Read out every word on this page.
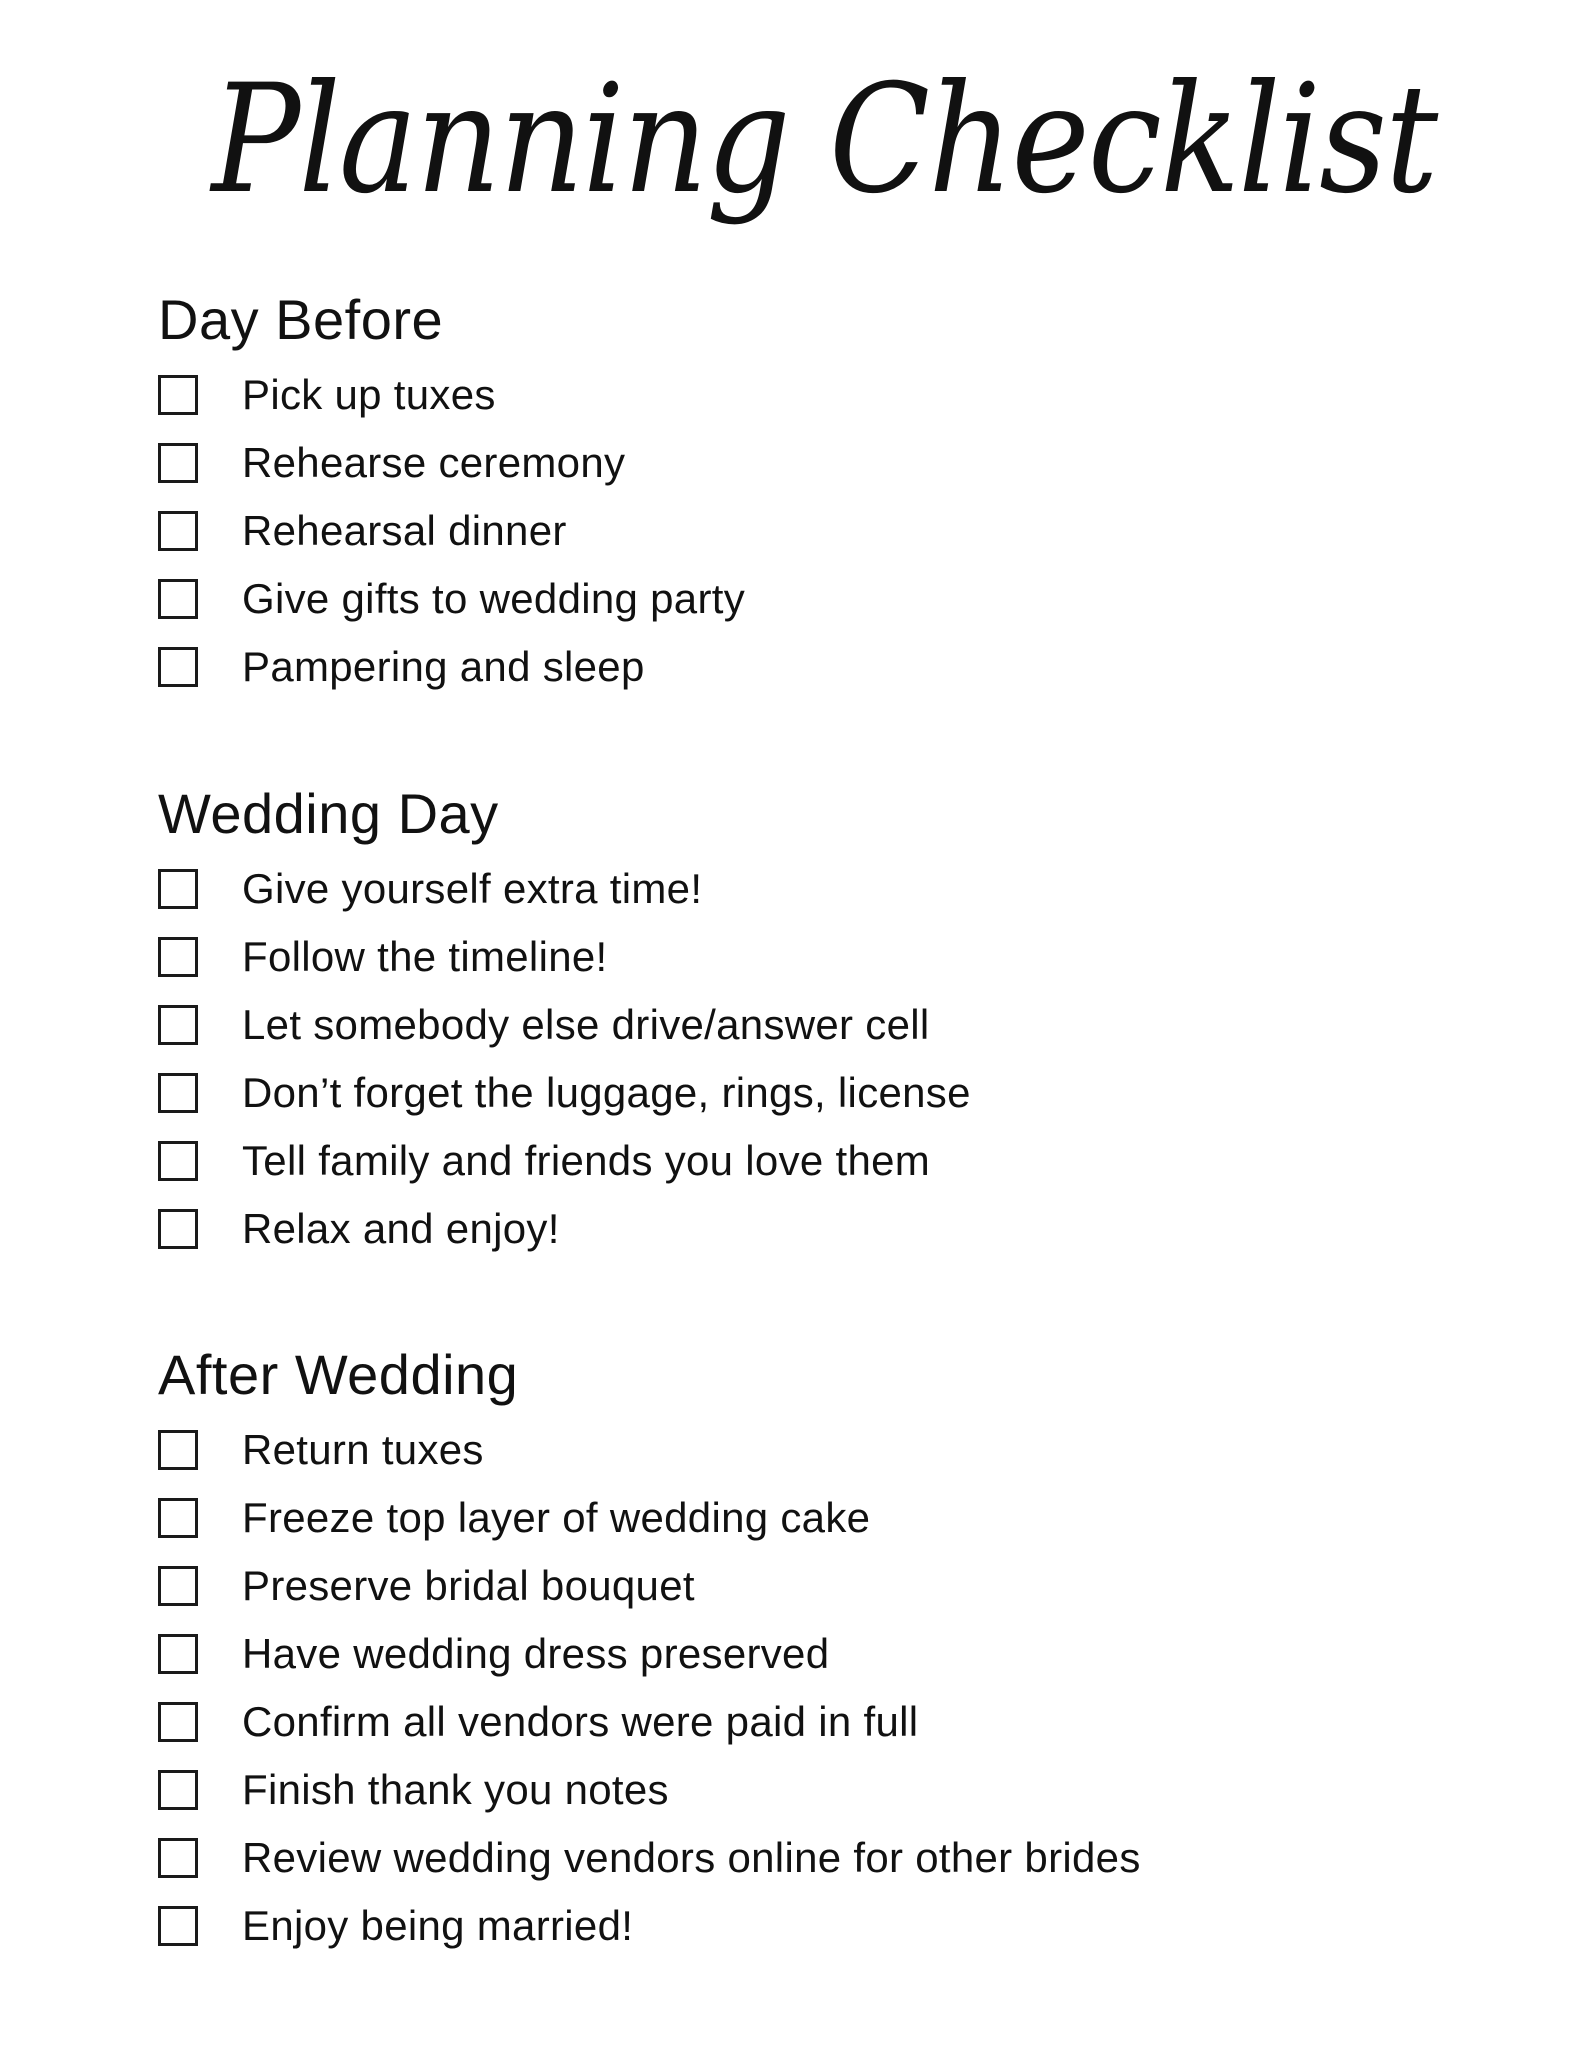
Planning Checklist
Day Before
Pick up tuxes
Rehearse ceremony
Rehearsal dinner
Give gifts to wedding party
Pampering and sleep
Wedding Day
Give yourself extra time!
Follow the timeline!
Let somebody else drive/answer cell
Don’t forget the luggage, rings, license
Tell family and friends you love them
Relax and enjoy!
After Wedding
Return tuxes
Freeze top layer of wedding cake
Preserve bridal bouquet
Have wedding dress preserved
Confirm all vendors were paid in full
Finish thank you notes
Review wedding vendors online for other brides
Enjoy being married!
